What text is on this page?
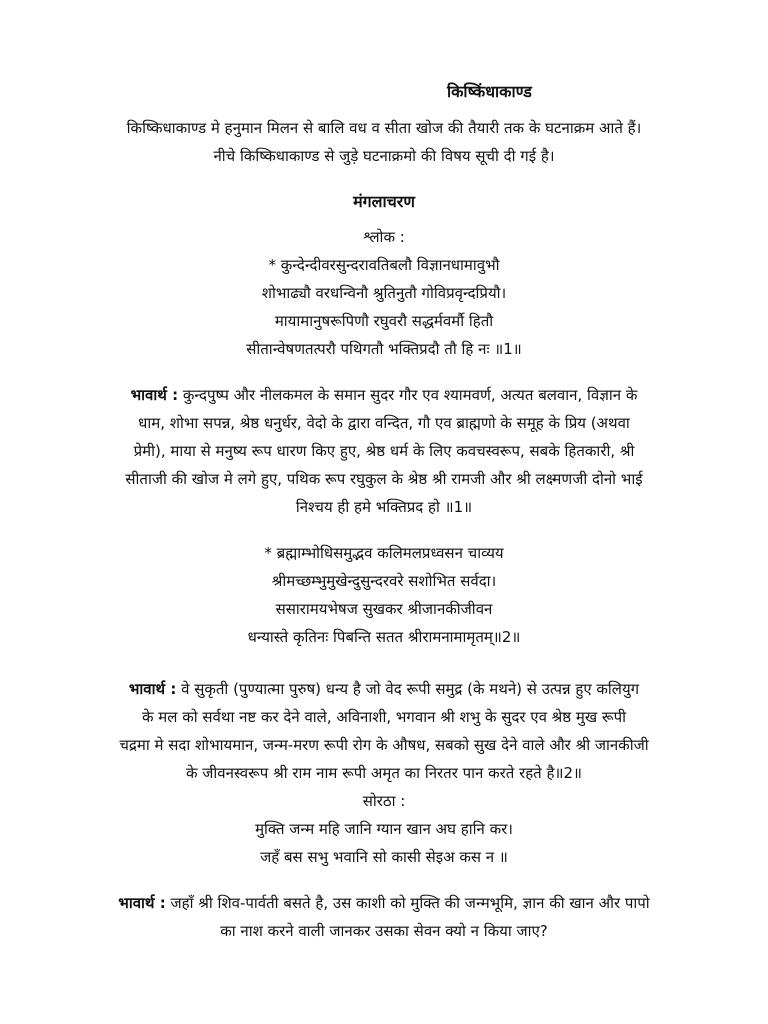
किष्किंधाकाण्ड
किष्किधाकाण्ड मे हनुमान मिलन से बालि वध व सीता खोज की तैयारी तक के घटनाक्रम आते हैं।
नीचे किष्किधाकाण्ड से जुड़े घटनाक्रमो की विषय सूची दी गई है।
मंगलाचरण
श्लोक :
* कुन्देन्दीवरसुन्दरावतिबलौ विज्ञानधामावुभौ
शोभाढ्यौ वरधन्विनौ श्रुतिनुतौ गोविप्रवृन्दप्रियौ।
मायामानुषरूपिणौ रघुवरौ सद्धर्मवर्मौ हितौ
सीतान्वेषणतत्परौ पथिगतौ भक्तिप्रदौ तौ हि नः ॥1॥
भावार्थ : कुन्दपुष्प और नीलकमल के समान सुदर गौर एव श्यामवर्ण, अत्यत बलवान, विज्ञान के
धाम, शोभा सपन्न, श्रेष्ठ धनुर्धर, वेदो के द्वारा वन्दित, गौ एव ब्राह्मणो के समूह के प्रिय (अथवा
प्रेमी), माया से मनुष्य रूप धारण किए हुए, श्रेष्ठ धर्म के लिए कवचस्वरूप, सबके हितकारी, श्री
सीताजी की खोज मे लगे हुए, पथिक रूप रघुकुल के श्रेष्ठ श्री रामजी और श्री लक्ष्मणजी दोनो भाई
निश्चय ही हमे भक्तिप्रद हो ॥1॥
* ब्रह्माम्भोधिसमुद्भव कलिमलप्रध्वसन चाव्यय
श्रीमच्छम्भुमुखेन्दुसुन्दरवरे सशोभित सर्वदा।
ससारामयभेषज सुखकर श्रीजानकीजीवन
धन्यास्ते कृतिनः पिबन्ति सतत श्रीरामनामामृतम्‌॥2॥
भावार्थ : वे सुकृती (पुण्यात्मा पुरुष) धन्य है जो वेद रूपी समुद्र (के मथने) से उत्पन्न हुए कलियुग
के मल को सर्वथा नष्ट कर देने वाले, अविनाशी, भगवान श्री शभु के सुदर एव श्रेष्ठ मुख रूपी
चद्रमा मे सदा शोभायमान, जन्म-मरण रूपी रोग के औषध, सबको सुख देने वाले और श्री जानकीजी
के जीवनस्वरूप श्री राम नाम रूपी अमृत का निरतर पान करते रहते है॥2॥
सोरठा :
मुक्ति जन्म महि जानि ग्यान खान अघ हानि कर।
जहँ बस सभु भवानि सो कासी सेइअ कस न ॥
भावार्थ : जहाँ श्री शिव-पार्वती बसते है, उस काशी को मुक्ति की जन्मभूमि, ज्ञान की खान और पापो
का नाश करने वाली जानकर उसका सेवन क्यो न किया जाए?
